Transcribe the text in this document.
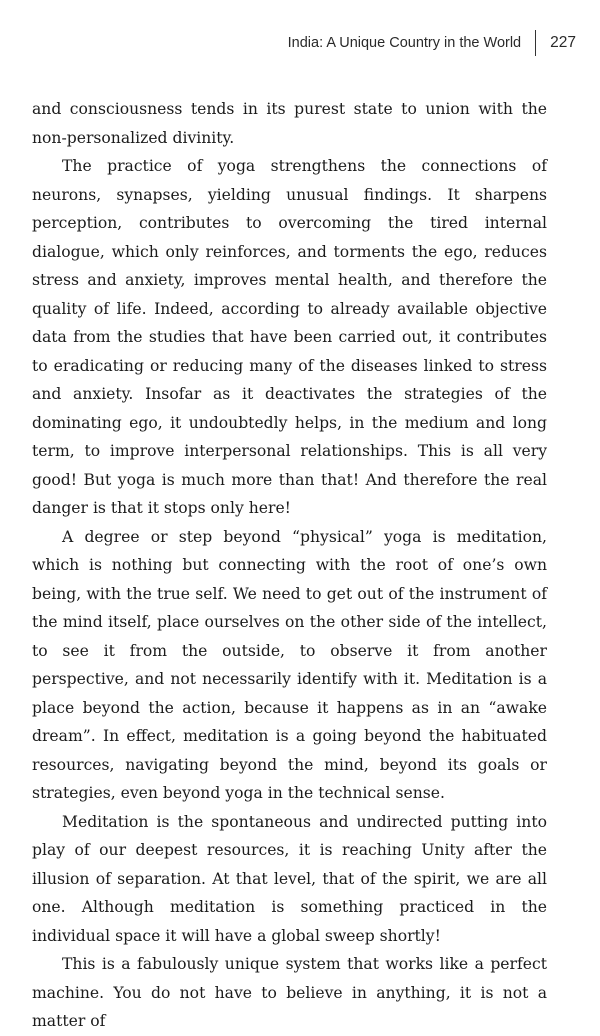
India: A Unique Country in the World 227

and consciousness tends in its purest state to union with the non-personalized divinity.

The practice of yoga strengthens the connections of neurons, synapses, yielding unusual findings. It sharpens perception, contributes to overcoming the tired internal dialogue, which only reinforces, and torments the ego, reduces stress and anxiety, improves mental health, and therefore the quality of life. Indeed, according to already available objective data from the studies that have been carried out, it contributes to eradicating or reducing many of the diseases linked to stress and anxiety. Insofar as it deactivates the strategies of the dominating ego, it undoubtedly helps, in the medium and long term, to improve interpersonal relationships. This is all very good! But yoga is much more than that! And therefore the real danger is that it stops only here!

A degree or step beyond “physical” yoga is meditation, which is nothing but connecting with the root of one’s own being, with the true self. We need to get out of the instrument of the mind itself, place ourselves on the other side of the intellect, to see it from the outside, to observe it from another perspective, and not necessarily identify with it. Meditation is a place beyond the action, because it happens as in an “awake dream”. In effect, meditation is a going beyond the habituated resources, navigating beyond the mind, beyond its goals or strategies, even beyond yoga in the technical sense.

Meditation is the spontaneous and undirected putting into play of our deepest resources, it is reaching Unity after the illusion of separation. At that level, that of the spirit, we are all one. Although meditation is something practiced in the individual space it will have a global sweep shortly!

This is a fabulously unique system that works like a perfect machine. You do not have to believe in anything, it is not a matter of
